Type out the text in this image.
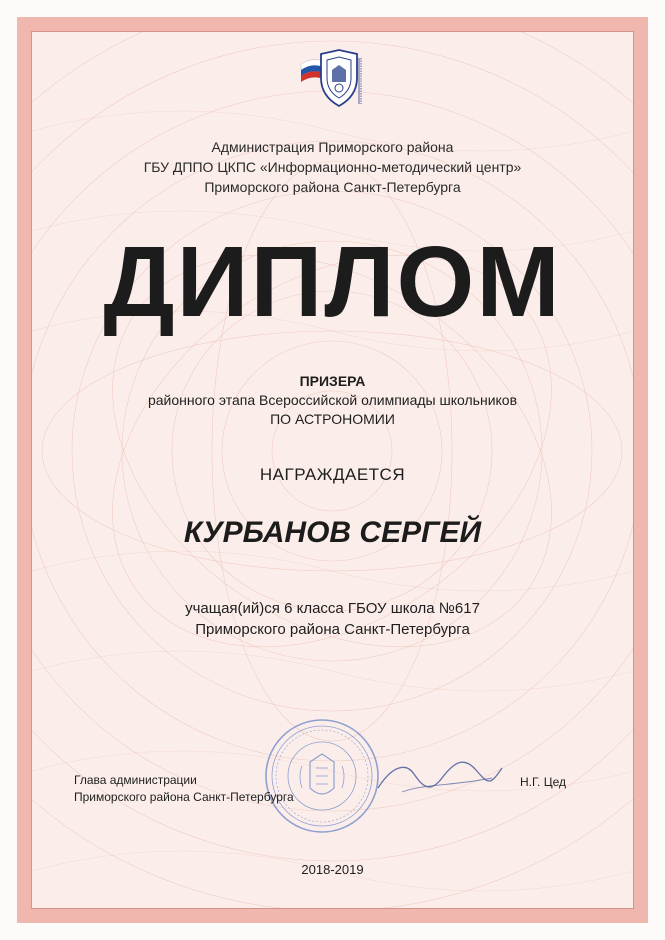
Администрация Приморского района
ГБУ ДППО ЦКПС «Информационно-методический центр»
Приморского района Санкт-Петербурга
ДИПЛОМ
ПРИЗЕРА
районного этапа Всероссийской олимпиады школьников
ПО АСТРОНОМИИ
НАГРАЖДАЕТСЯ
КУРБАНОВ СЕРГЕЙ
учащая(ий)ся 6 класса ГБОУ школа №617
Приморского района Санкт-Петербурга
Глава администрации
Приморского района Санкт-Петербурга
Н.Г. Цед
2018-2019
